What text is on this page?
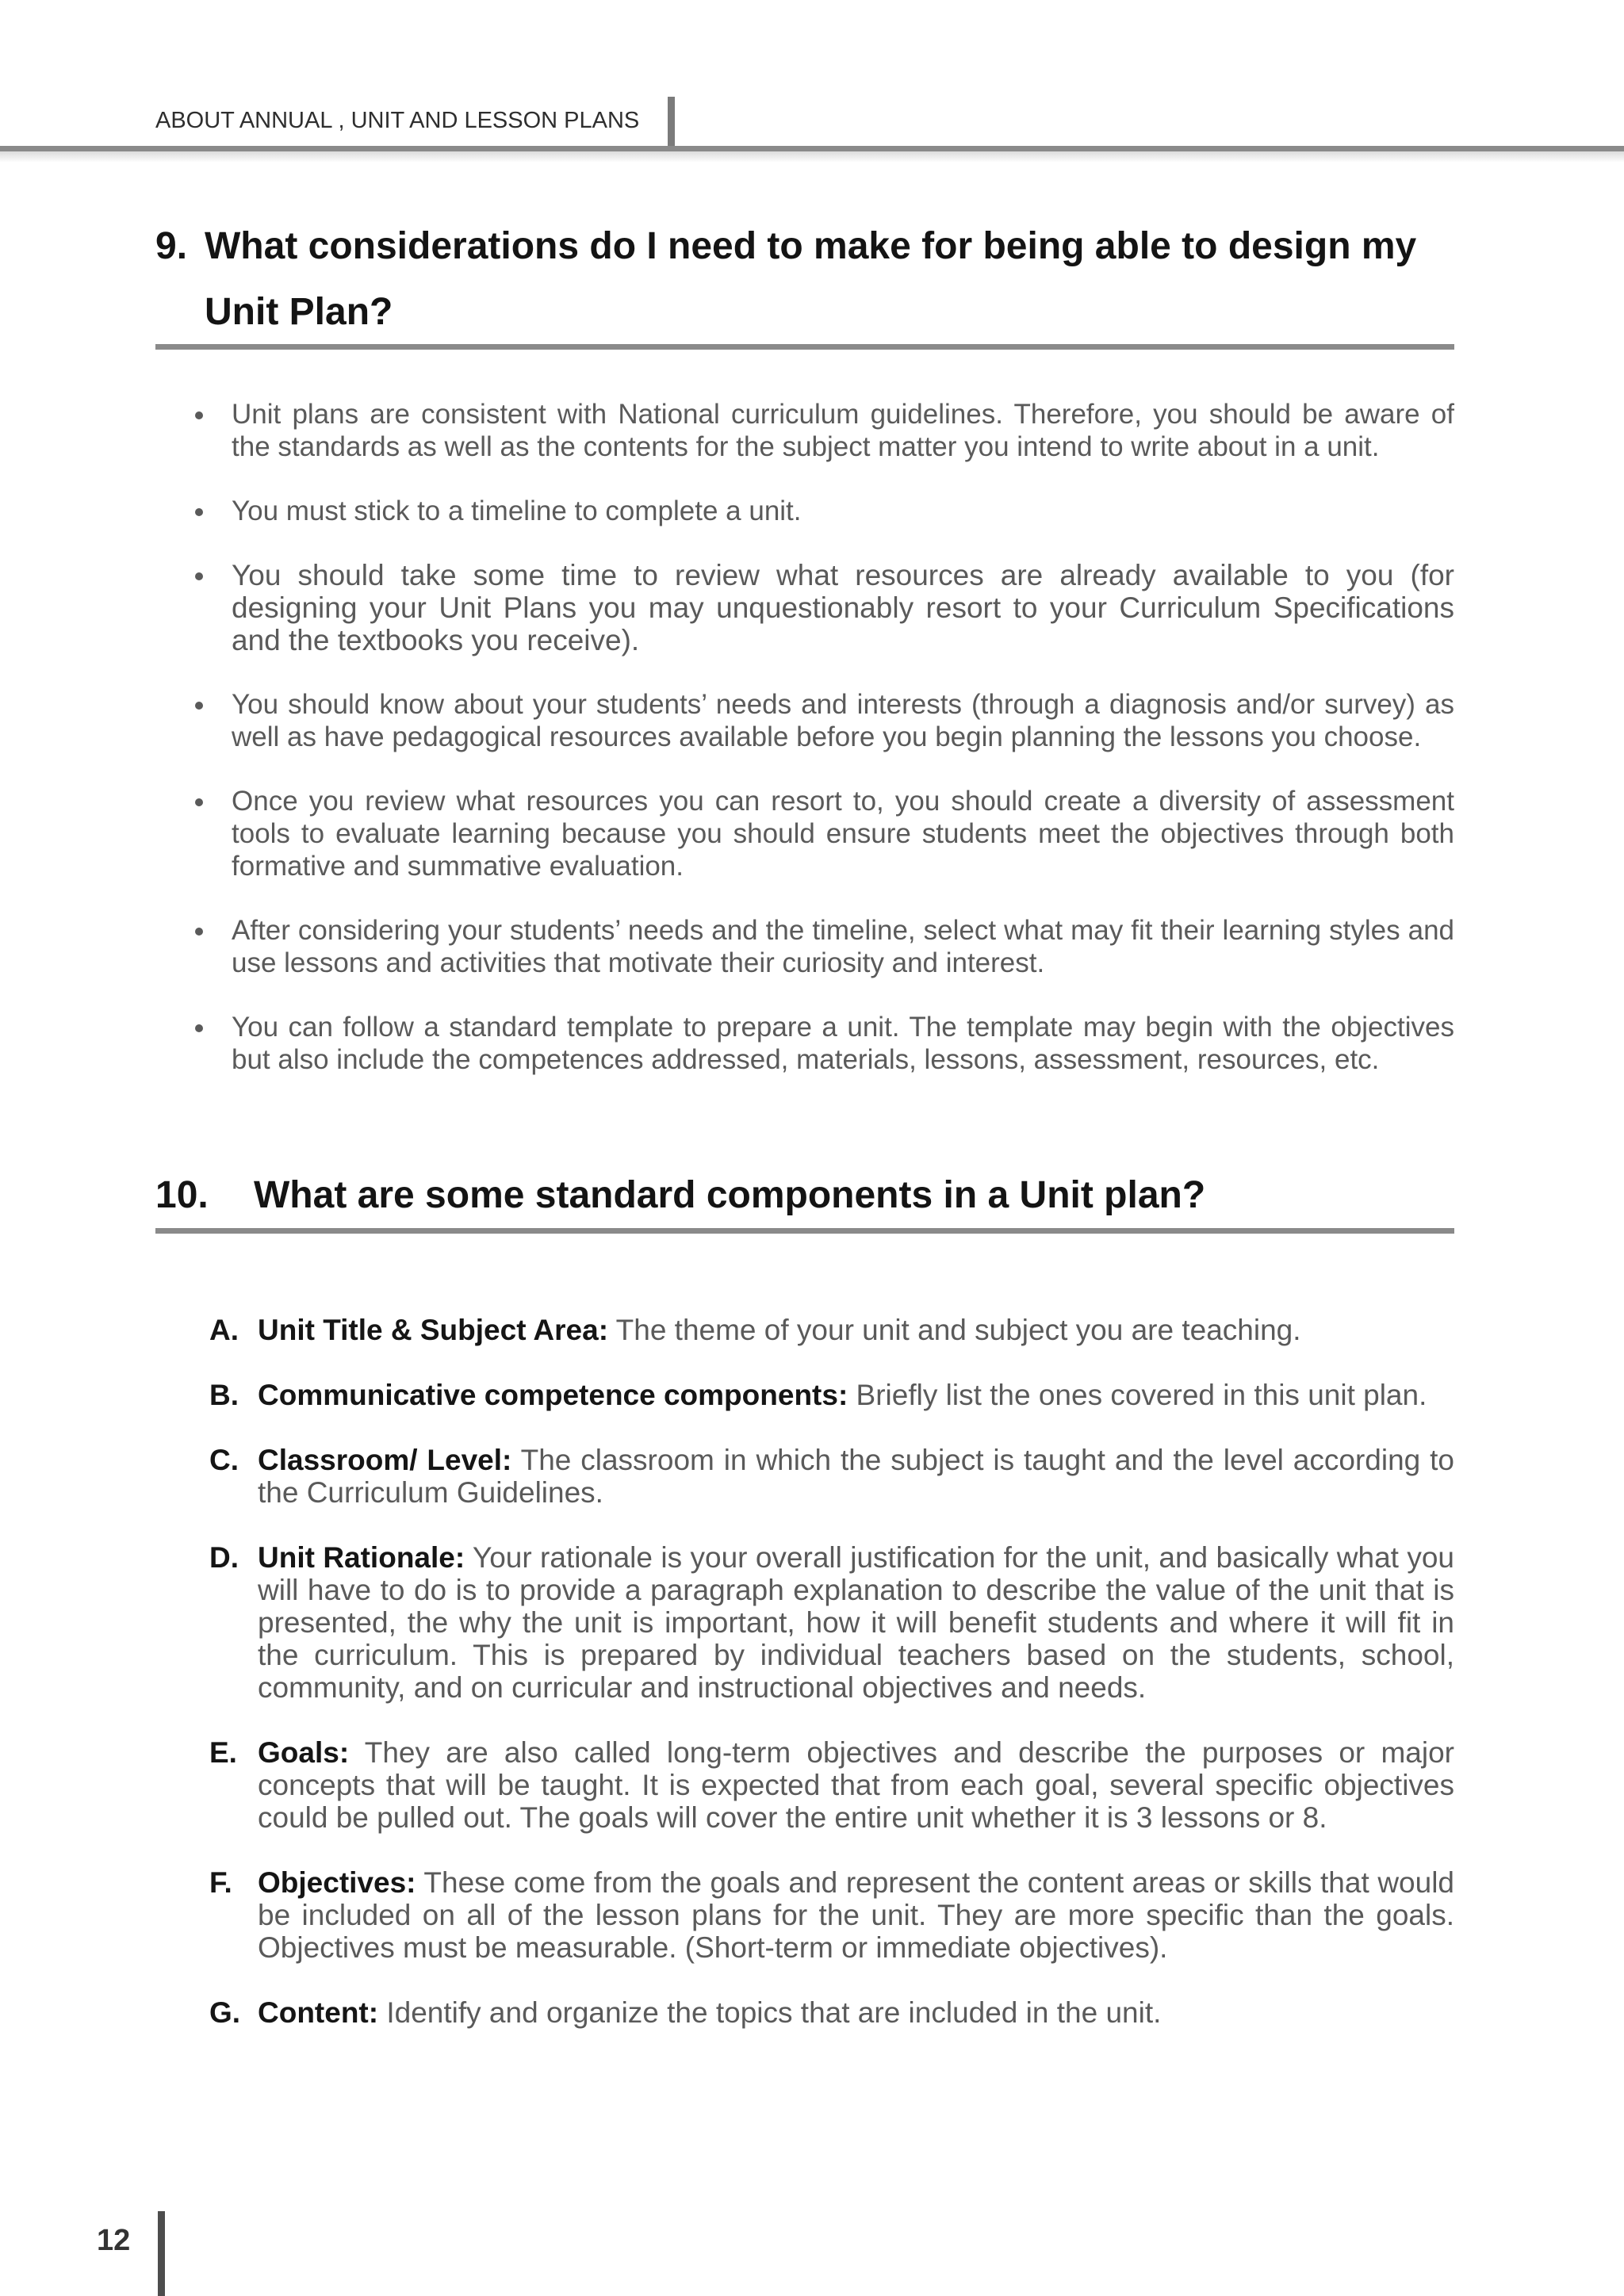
ABOUT ANNUAL , UNIT AND LESSON PLANS
9. What considerations do I need to make for being able to design my Unit Plan?

Unit plans are consistent with National curriculum guidelines. Therefore, you should be aware of the standards as well as the contents for the subject matter you intend to write about in a unit.

You must stick to a timeline to complete a unit.

You should take some time to review what resources are already available to you (for designing your Unit Plans you may unquestionably resort to your Curriculum Specifications and the textbooks you receive).

You should know about your students’ needs and interests (through a diagnosis and/or survey) as well as have pedagogical resources available before you begin planning the lessons you choose.

Once you review what resources you can resort to, you should create a diversity of assessment tools to evaluate learning because you should ensure students meet the objectives through both formative and summative evaluation.

After considering your students’ needs and the timeline, select what may fit their learning styles and use lessons and activities that motivate their curiosity and interest.

You can follow a standard template to prepare a unit. The template may begin with the objectives but also include the competences addressed, materials, lessons, assessment, resources, etc.

10. What are some standard components in a Unit plan?
A. Unit Title & Subject Area: The theme of your unit and subject you are teaching.

B. Communicative competence components: Briefly list the ones covered in this unit plan.

C. Classroom/ Level: The classroom in which the subject is taught and the level according to the Curriculum Guidelines.

D. Unit Rationale: Your rationale is your overall justification for the unit, and basically what you will have to do is to provide a paragraph explanation to describe the value of the unit that is presented, the why the unit is important, how it will benefit students and where it will fit in the curriculum. This is prepared by individual teachers based on the students, school, community, and on curricular and instructional objectives and needs.

E. Goals: They are also called long-term objectives and describe the purposes or major concepts that will be taught. It is expected that from each goal, several specific objectives could be pulled out. The goals will cover the entire unit whether it is 3 lessons or 8.

F. Objectives: These come from the goals and represent the content areas or skills that would be included on all of the lesson plans for the unit. They are more specific than the goals. Objectives must be measurable. (Short-term or immediate objectives).

G. Content: Identify and organize the topics that are included in the unit.

12
